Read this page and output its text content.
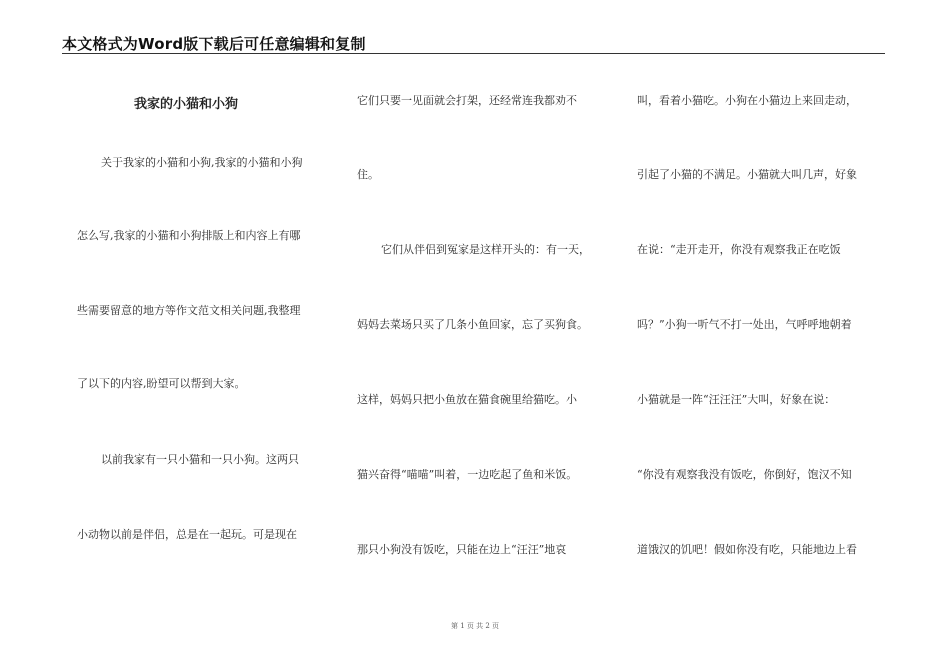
本文格式为Word版下载后可任意编辑和复制
我家的小猫和小狗
关于我家的小猫和小狗,我家的小猫和小狗
怎么写,我家的小猫和小狗排版上和内容上有哪
些需要留意的地方等作文范文相关问题,我整理
了以下的内容,盼望可以帮到大家。
以前我家有一只小猫和一只小狗。这两只
小动物以前是伴侣，总是在一起玩。可是现在
它们只要一见面就会打架，还经常连我都劝不
住。
它们从伴侣到冤家是这样开头的：有一天，
妈妈去菜场只买了几条小鱼回家，忘了买狗食。
这样，妈妈只把小鱼放在猫食碗里给猫吃。小
猫兴奋得“喵喵”叫着，一边吃起了鱼和米饭。
那只小狗没有饭吃，只能在边上“汪汪”地哀
叫，看着小猫吃。小狗在小猫边上来回走动，
引起了小猫的不满足。小猫就大叫几声，好象
在说：“走开走开，你没有观察我正在吃饭
吗？”小狗一听气不打一处出，气呼呼地朝着
小猫就是一阵“汪汪汪”大叫，好象在说：
“你没有观察我没有饭吃，你倒好，饱汉不知
道饿汉的饥吧！假如你没有吃，只能地边上看
第 1 页 共 2 页
